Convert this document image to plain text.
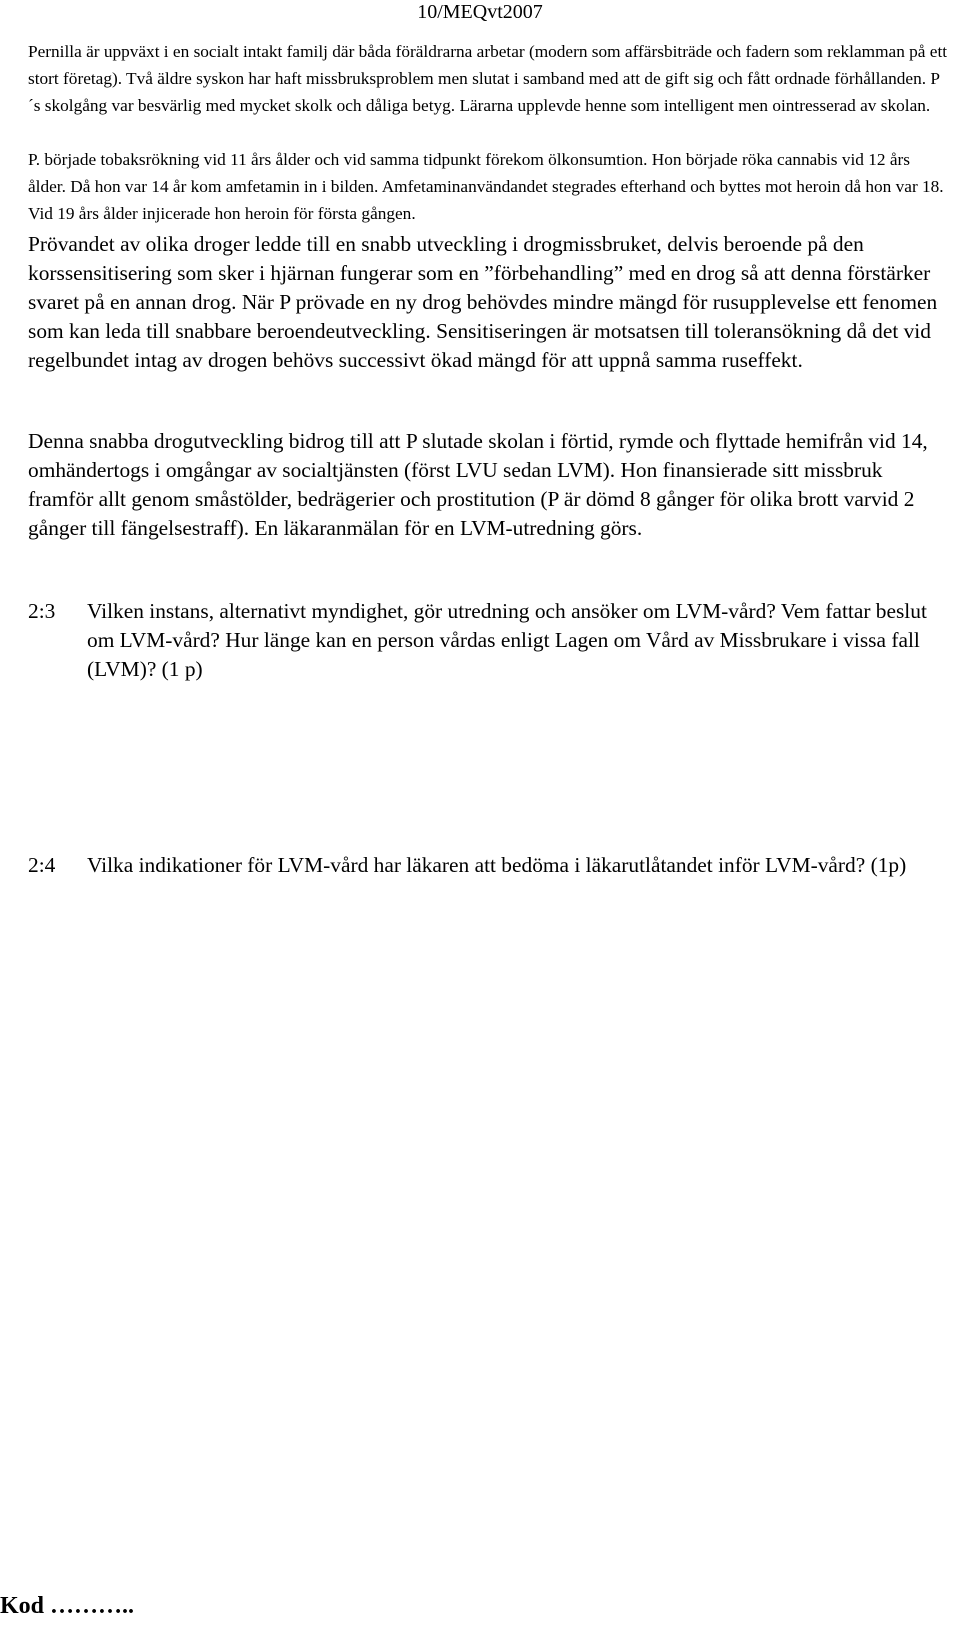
10/MEQvt2007

Pernilla är uppväxt i en socialt intakt familj där båda föräldrarna arbetar (modern som affärsbiträde och fadern som reklamman på ett stort företag). Två äldre syskon har haft missbruksproblem men slutat i samband med att de gift sig och fått ordnade förhållanden. P´s skolgång var besvärlig med mycket skolk och dåliga betyg. Lärarna upplevde henne som intelligent men ointresserad av skolan.

P. började tobaksrökning vid 11 års ålder och vid samma tidpunkt förekom ölkonsumtion. Hon började röka cannabis vid 12 års ålder. Då hon var 14 år kom amfetamin in i bilden. Amfetaminanvändandet stegrades efterhand och byttes mot heroin då hon var 18. Vid 19 års ålder injicerade hon heroin för första gången.

Prövandet av olika droger ledde till en snabb utveckling i drogmissbruket, delvis beroende på den korssensitisering som sker i hjärnan fungerar som en ”förbehandling” med en drog så att denna förstärker svaret på en annan drog. När P prövade en ny drog behövdes mindre mängd för rusupplevelse ett fenomen som kan leda till snabbare beroendeutveckling. Sensitiseringen är motsatsen till toleransökning då det vid regelbundet intag av drogen behövs successivt ökad mängd för att uppnå samma ruseffekt.

Denna snabba drogutveckling bidrog till att P slutade skolan i förtid, rymde och flyttade hemifrån vid 14, omhändertogs i omgångar av socialtjänsten (först LVU sedan LVM). Hon finansierade sitt missbruk framför allt genom småstölder, bedrägerier och prostitution (P är dömd 8 gånger för olika brott varvid 2 gånger till fängelsestraff). En läkaranmälan för en LVM-utredning görs.

2:3 Vilken instans, alternativt myndighet, gör utredning och ansöker om LVM-vård? Vem fattar beslut om LVM-vård? Hur länge kan en person vårdas enligt Lagen om Vård av Missbrukare i vissa fall (LVM)? (1 p)
2:4 Vilka indikationer för LVM-vård har läkaren att bedöma i läkarutlåtandet inför LVM-vård? (1p)
Kod ………..
